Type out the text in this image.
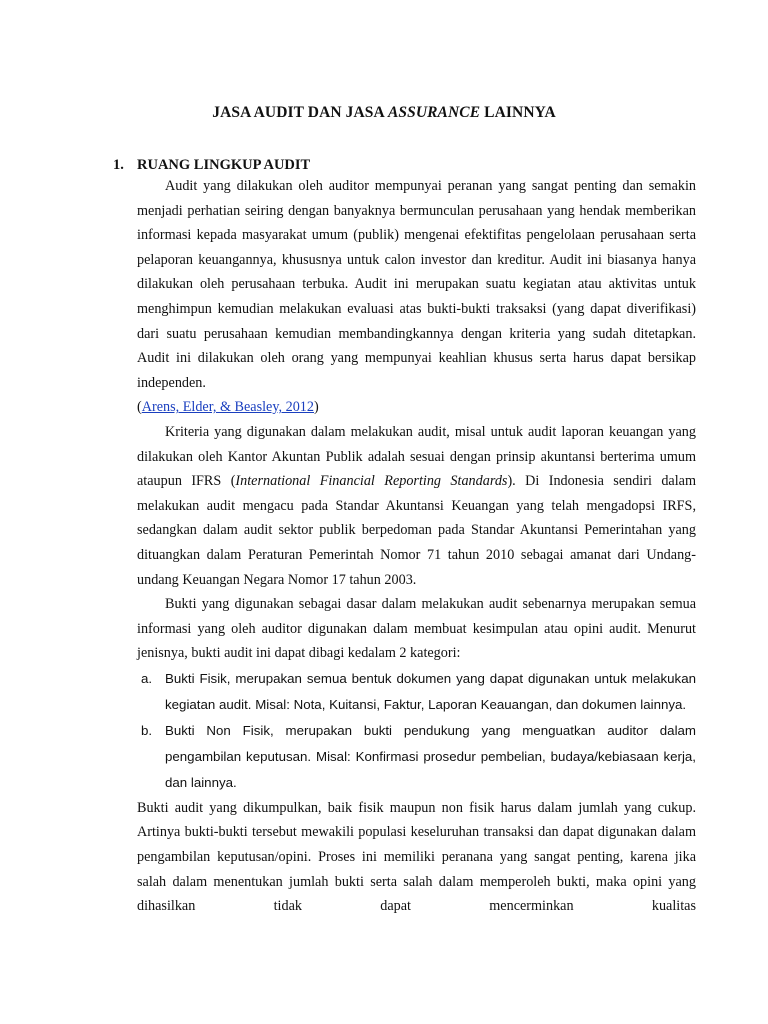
JASA AUDIT DAN JASA ASSURANCE LAINNYA
1. RUANG LINGKUP AUDIT

Audit yang dilakukan oleh auditor mempunyai peranan yang sangat penting dan semakin menjadi perhatian seiring dengan banyaknya bermunculan perusahaan yang hendak memberikan informasi kepada masyarakat umum (publik) mengenai efektifitas pengelolaan perusahaan serta pelaporan keuangannya, khususnya untuk calon investor dan kreditur. Audit ini biasanya hanya dilakukan oleh perusahaan terbuka. Audit ini merupakan suatu kegiatan atau aktivitas untuk menghimpun kemudian melakukan evaluasi atas bukti-bukti traksaksi (yang dapat diverifikasi) dari suatu perusahaan kemudian membandingkannya dengan kriteria yang sudah ditetapkan. Audit ini dilakukan oleh orang yang mempunyai keahlian khusus serta harus dapat bersikap independen.

(Arens, Elder, & Beasley, 2012)

Kriteria yang digunakan dalam melakukan audit, misal untuk audit laporan keuangan yang dilakukan oleh Kantor Akuntan Publik adalah sesuai dengan prinsip akuntansi berterima umum ataupun IFRS (International Financial Reporting Standards). Di Indonesia sendiri dalam melakukan audit mengacu pada Standar Akuntansi Keuangan yang telah mengadopsi IRFS, sedangkan dalam audit sektor publik berpedoman pada Standar Akuntansi Pemerintahan yang dituangkan dalam Peraturan Pemerintah Nomor 71 tahun 2010 sebagai amanat dari Undang-undang Keuangan Negara Nomor 17 tahun 2003.

Bukti yang digunakan sebagai dasar dalam melakukan audit sebenarnya merupakan semua informasi yang oleh auditor digunakan dalam membuat kesimpulan atau opini audit. Menurut jenisnya, bukti audit ini dapat dibagi kedalam 2 kategori:

a. Bukti Fisik, merupakan semua bentuk dokumen yang dapat digunakan untuk melakukan kegiatan audit. Misal: Nota, Kuitansi, Faktur, Laporan Keauangan, dan dokumen lainnya.
b. Bukti Non Fisik, merupakan bukti pendukung yang menguatkan auditor dalam pengambilan keputusan. Misal: Konfirmasi prosedur pembelian, budaya/kebiasaan kerja, dan lainnya.

Bukti audit yang dikumpulkan, baik fisik maupun non fisik harus dalam jumlah yang cukup. Artinya bukti-bukti tersebut mewakili populasi keseluruhan transaksi dan dapat digunakan dalam pengambilan keputusan/opini. Proses ini memiliki peranana yang sangat penting, karena jika salah dalam menentukan jumlah bukti serta salah dalam memperoleh bukti, maka opini yang dihasilkan tidak dapat mencerminkan kualitas
